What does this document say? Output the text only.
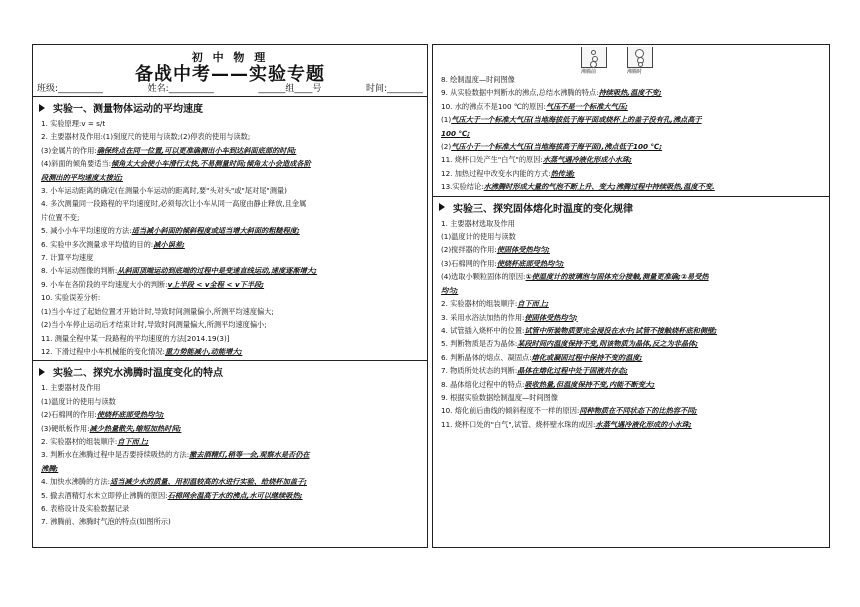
初 中 物 理
备战中考——实验专题
班级:__________	姓名:__________	______组____号	时间:________
实验一、测量物体运动的平均速度
1. 实验原理:v = s/t
2. 主要器材及作用:(1)刻度尺的使用与读数;(2)停表的使用与读数;
(3)金属片的作用:确保终点在同一位置,可以更准确测出小车到达斜面底部的时间;
(4)斜面的倾角要适当:倾角太大会使小车滑行太快,不易测量时间;倾角太小会造成各阶
段测出的平均速度太接近;
3. 小车运动距离的确定(在测量小车运动的距离时,要"头对头"或"尾对尾"测量)
4. 多次测量同一段路程的平均速度时,必须每次让小车从同一高度由静止释放,且金属
片位置不变;
5. 减小小车平均速度的方法:适当减小斜面的倾斜程度或适当增大斜面的粗糙程度;
6. 实验中多次测量求平均值的目的:减小误差;
7. 计算平均速度
8. 小车运动图像的判断:从斜面顶端运动到底端的过程中是变速直线运动,速度逐渐增大;
9. 小车在各阶段的平均速度大小的判断:v上半段 < v全程 < v下半段;
10. 实验误差分析:
(1)当小车过了起始位置才开始计时,导致时间测量偏小,所测平均速度偏大;
(2)当小车停止运动后才结束计时,导致时间测量偏大,所测平均速度偏小;
11. 测量全程中某一段路程的平均速度的方法[2014.19(3)]
12. 下滑过程中小车机械能的变化情况:重力势能减小,动能增大;
实验二、探究水沸腾时温度变化的特点
1. 主要器材及作用
(1)温度计的使用与读数
(2)石棉网的作用:使烧杯底部受热均匀;
(3)硬纸板作用:减少热量散失,缩短加热时间;
2. 实验器材的组装顺序:自下而上;
3. 判断水在沸腾过程中是否要持续吸热的方法:撤去酒精灯,稍等一会,观察水是否仍在
沸腾;
4. 加快水沸腾的方法:适当减少水的质量、用初温较高的水进行实验、给烧杯加盖子;
5. 撤去酒精灯水未立即停止沸腾的原因:石棉网余温高于水的沸点,水可以继续吸热;
6. 表格设计及实验数据记录
7. 沸腾前、沸腾时气泡的特点(如图所示)
沸腾前	沸腾时
8. 绘制温度—时间图像
9. 从实验数据中判断水的沸点,总结水沸腾的特点:持续吸热,温度不变;
10. 水的沸点不是100 ℃的原因:气压不是一个标准大气压;
(1)气压大于一个标准大气压(当地海拔低于海平面或烧杯上的盖子没有孔,沸点高于
100 ℃;
(2)气压小于一个标准大气压(当地海拔高于海平面),沸点低于100 ℃;
11. 烧杯口处产生"白气"的原因:水蒸气遇冷液化形成小水珠;
12. 加热过程中改变水内能的方式:热传递;
13.实验结论:水沸腾时形成大量的气泡不断上升、变大;沸腾过程中持续吸热,温度不变.
实验三、探究固体熔化时温度的变化规律
1. 主要器材选取及作用
(1)温度计的使用与读数
(2)搅拌器的作用:使固体受热均匀;
(3)石棉网的作用:使烧杯底部受热均匀;
(4)选取小颗粒固体的原因:①使温度计的玻璃泡与固体充分接触,测量更准确;②易受热
均匀;
2. 实验器材的组装顺序:自下而上;
3. 采用水浴法加热的作用:使固体受热均匀;
4. 试管插入烧杯中的位置:试管中所装物质要完全浸没在水中;试管不接触烧杯底和侧壁;
5. 判断物质是否为晶体:某段时间内温度保持不变,则该物质为晶体,反之为非晶体;
6. 判断晶体的熔点、凝固点:熔化或凝固过程中保持不变的温度;
7. 物质所处状态的判断:晶体在熔化过程中处于固液共存态;
8. 晶体熔化过程中的特点:吸收热量,但温度保持不变,内能不断变大;
9. 根据实验数据绘制温度—时间图像
10. 熔化前后曲线的倾斜程度不一样的原因:同种物质在不同状态下的比热容不同;
11. 烧杯口处的"白气",试管、烧杯壁水珠的成因:水蒸气遇冷液化形成的小水珠;
